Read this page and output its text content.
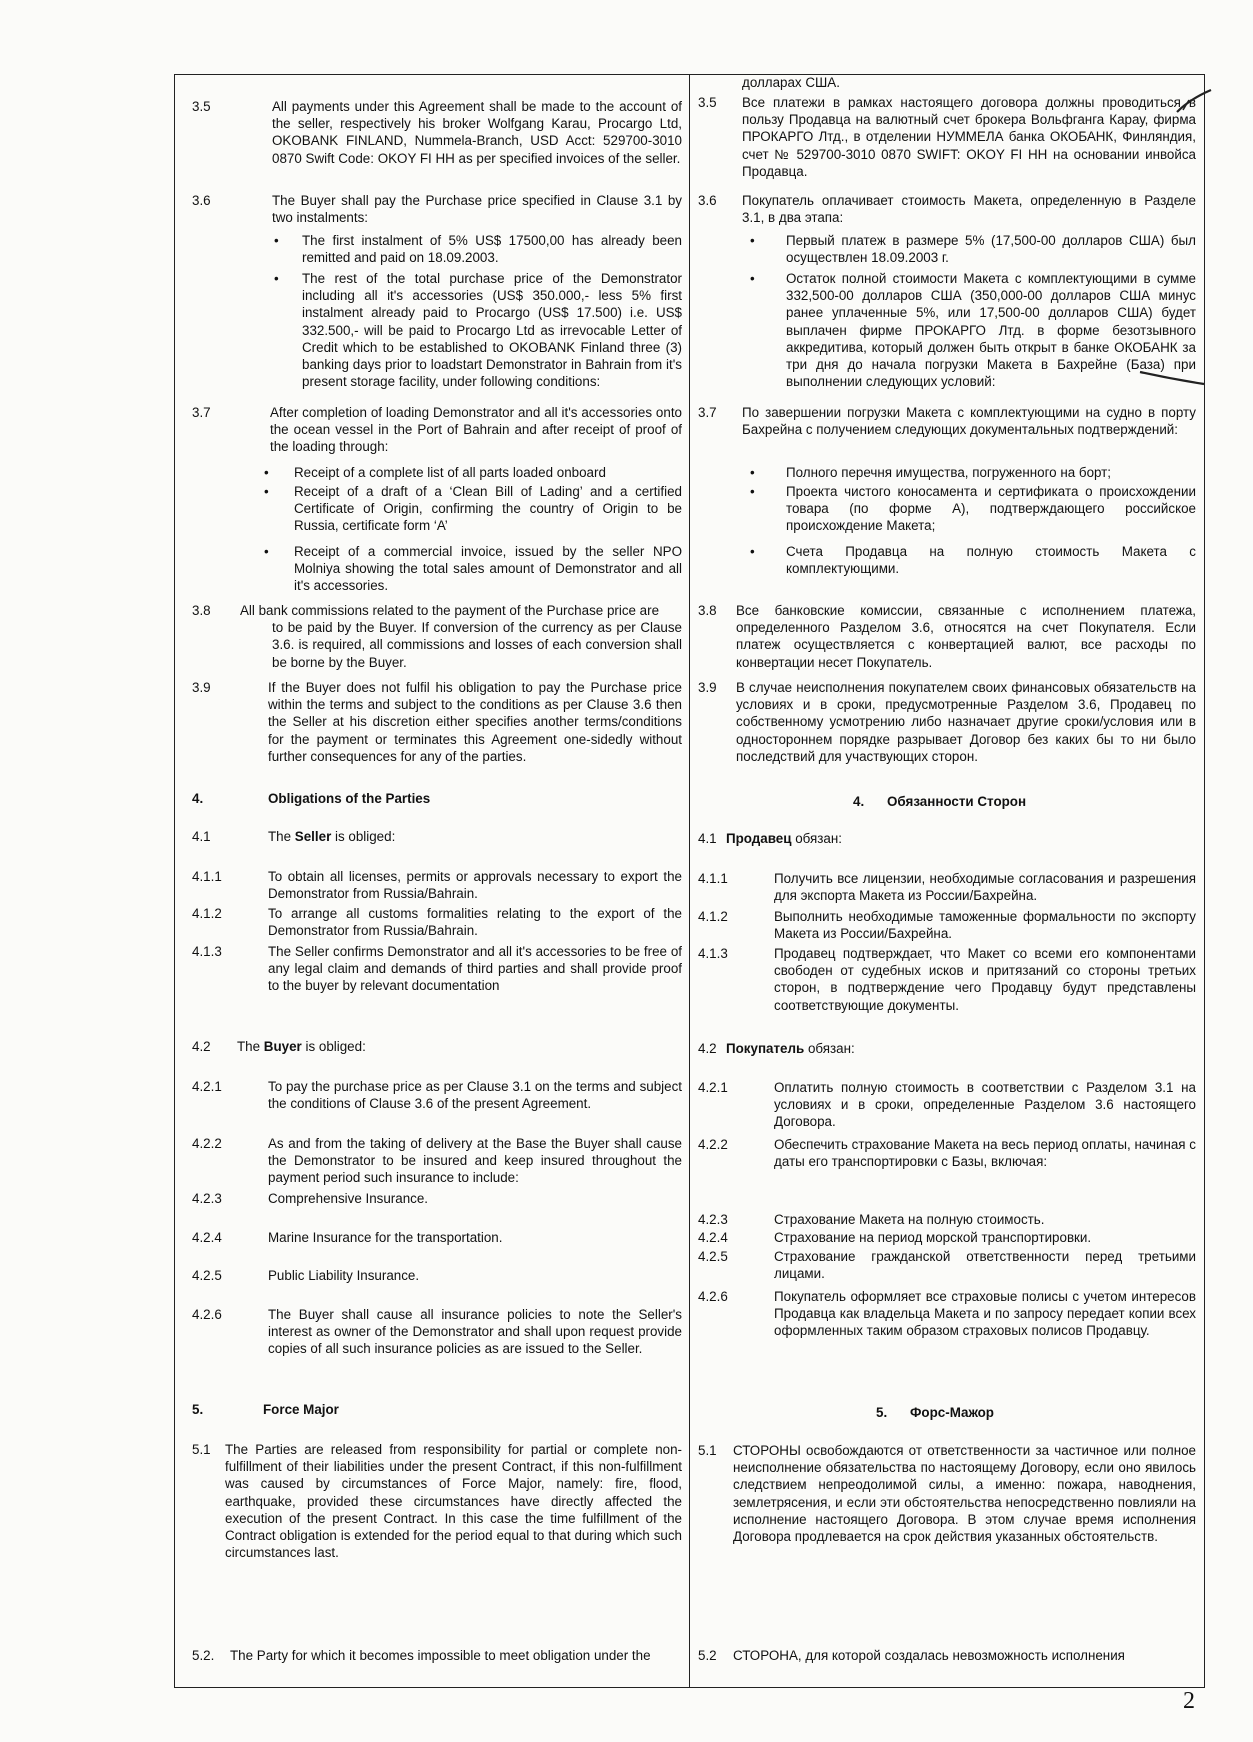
3.5	All payments under this Agreement shall be made to the account of the seller, respectively his broker Wolfgang Karau, Procargo Ltd, OKOBANK FINLAND, Nummela-Branch, USD Acct: 529700-3010 0870 Swift Code: OKOY FI HH as per specified invoices of the seller.
3.6	The Buyer shall pay the Purchase price specified in Clause 3.1 by two instalments:
• The first instalment of 5% US$ 17500,00 has already been remitted and paid on 18.09.2003.
• The rest of the total purchase price of the Demonstrator including all it's accessories (US$ 350.000,- less 5% first instalment already paid to Procargo (US$ 17.500) i.e. US$ 332.500,- will be paid to Procargo Ltd as irrevocable Letter of Credit which to be established to OKOBANK Finland three (3) banking days prior to loadstart Demonstrator in Bahrain from it's present storage facility, under following conditions:
3.7	After completion of loading Demonstrator and all it's accessories onto the ocean vessel in the Port of Bahrain and after receipt of proof of the loading through:
• Receipt of a complete list of all parts loaded onboard
• Receipt of a draft of a ‘Clean Bill of Lading’ and a certified Certificate of Origin, confirming the country of Origin to be Russia, certificate form ‘A’
• Receipt of a commercial invoice, issued by the seller NPO Molniya showing the total sales amount of Demonstrator and all it's accessories.
3.8 All bank commissions related to the payment of the Purchase price are
to be paid by the Buyer. If conversion of the currency as per Clause 3.6. is required, all commissions and losses of each conversion shall be borne by the Buyer.
3.9	If the Buyer does not fulfil his obligation to pay the Purchase price within the terms and subject to the conditions as per Clause 3.6 then the Seller at his discretion either specifies another terms/conditions for the payment or terminates this Agreement one-sidedly without further consequences for any of the parties.
4.	Obligations of the Parties
4.1	The Seller is obliged:
4.1.1	To obtain all licenses, permits or approvals necessary to export the Demonstrator from Russia/Bahrain.
4.1.2	To arrange all customs formalities relating to the export of the Demonstrator from Russia/Bahrain.
4.1.3	The Seller confirms Demonstrator and all it's accessories to be free of any legal claim and demands of third parties and shall provide proof to the buyer by relevant documentation
4.2 The Buyer is obliged:
4.2.1	To pay the purchase price as per Clause 3.1 on the terms and subject the conditions of Clause 3.6 of the present Agreement.
4.2.2	As and from the taking of delivery at the Base the Buyer shall cause the Demonstrator to be insured and keep insured throughout the payment period such insurance to include:
4.2.3	Comprehensive Insurance.
4.2.4	Marine Insurance for the transportation.
4.2.5	Public Liability Insurance.
4.2.6	The Buyer shall cause all insurance policies to note the Seller's interest as owner of the Demonstrator and shall upon request provide copies of all such insurance policies as are issued to the Seller.
5.	Force Major
5.1 The Parties are released from responsibility for partial or complete non-fulfillment of their liabilities under the present Contract, if this non-fulfillment was caused by circumstances of Force Major, namely: fire, flood, earthquake, provided these circumstances have directly affected the execution of the present Contract. In this case the time fulfillment of the Contract obligation is extended for the period equal to that during which such circumstances last.
5.2. The Party for which it becomes impossible to meet obligation under the
долларах США.
3.5 Все платежи в рамках настоящего договора должны проводиться в пользу Продавца на валютный счет брокера Вольфганга Карау, фирма ПРОКАРГО Лтд., в отделении НУММЕЛА банка ОКОБАНК, Финляндия, счет № 529700-3010 0870 SWIFT: OKOY FI HH на основании инвойса Продавца.
3.6 Покупатель оплачивает стоимость Макета, определенную в Разделе 3.1, в два этапа:
• Первый платеж в размере 5% (17,500-00 долларов США) был осуществлен 18.09.2003 г.
• Остаток полной стоимости Макета с комплектующими в сумме 332,500-00 долларов США (350,000-00 долларов США минус ранее уплаченные 5%, или 17,500-00 долларов США) будет выплачен фирме ПРОКАРГО Лтд. в форме безотзывного аккредитива, который должен быть открыт в банке ОКОБАНК за три дня до начала погрузки Макета в Бахрейне (База) при выполнении следующих условий:
3.7 По завершении погрузки Макета с комплектующими на судно в порту Бахрейна с получением следующих документальных подтверждений:
• Полного перечня имущества, погруженного на борт;
• Проекта чистого коносамента и сертификата о происхождении товара (по форме А), подтверждающего российское происхождение Макета;
• Счета Продавца на полную стоимость Макета с комплектующими.
3.8 Все банковские комиссии, связанные с исполнением платежа, определенного Разделом 3.6, относятся на счет Покупателя. Если платеж осуществляется с конвертацией валют, все расходы по конвертации несет Покупатель.
3.9 В случае неисполнения покупателем своих финансовых обязательств на условиях и в сроки, предусмотренные Разделом 3.6, Продавец по собственному усмотрению либо назначает другие сроки/условия или в одностороннем порядке разрывает Договор без каких бы то ни было последствий для участвующих сторон.
4. Обязанности Сторон
4.1 Продавец обязан:
4.1.1	Получить все лицензии, необходимые согласования и разрешения для экспорта Макета из России/Бахрейна.
4.1.2	Выполнить необходимые таможенные формальности по экспорту Макета из России/Бахрейна.
4.1.3	Продавец подтверждает, что Макет со всеми его компонентами свободен от судебных исков и притязаний со стороны третьих сторон, в подтверждение чего Продавцу будут представлены соответствующие документы.
4.2 Покупатель обязан:
4.2.1	Оплатить полную стоимость в соответствии с Разделом 3.1 на условиях и в сроки, определенные Разделом 3.6 настоящего Договора.
4.2.2	Обеспечить страхование Макета на весь период оплаты, начиная с даты его транспортировки с Базы, включая:
4.2.3	Страхование Макета на полную стоимость.
4.2.4	Страхование на период морской транспортировки.
4.2.5	Страхование гражданской ответственности перед третьими лицами.
4.2.6	Покупатель оформляет все страховые полисы с учетом интересов Продавца как владельца Макета и по запросу передает копии всех оформленных таким образом страховых полисов Продавцу.
5. Форс-Мажор
5.1 СТОРОНЫ освобождаются от ответственности за частичное или полное неисполнение обязательства по настоящему Договору, если оно явилось следствием непреодолимой силы, а именно: пожара, наводнения, землетрясения, и если эти обстоятельства непосредственно повлияли на исполнение настоящего Договора. В этом случае время исполнения Договора продлевается на срок действия указанных обстоятельств.
5.2 СТОРОНА, для которой создалась невозможность исполнения
2
